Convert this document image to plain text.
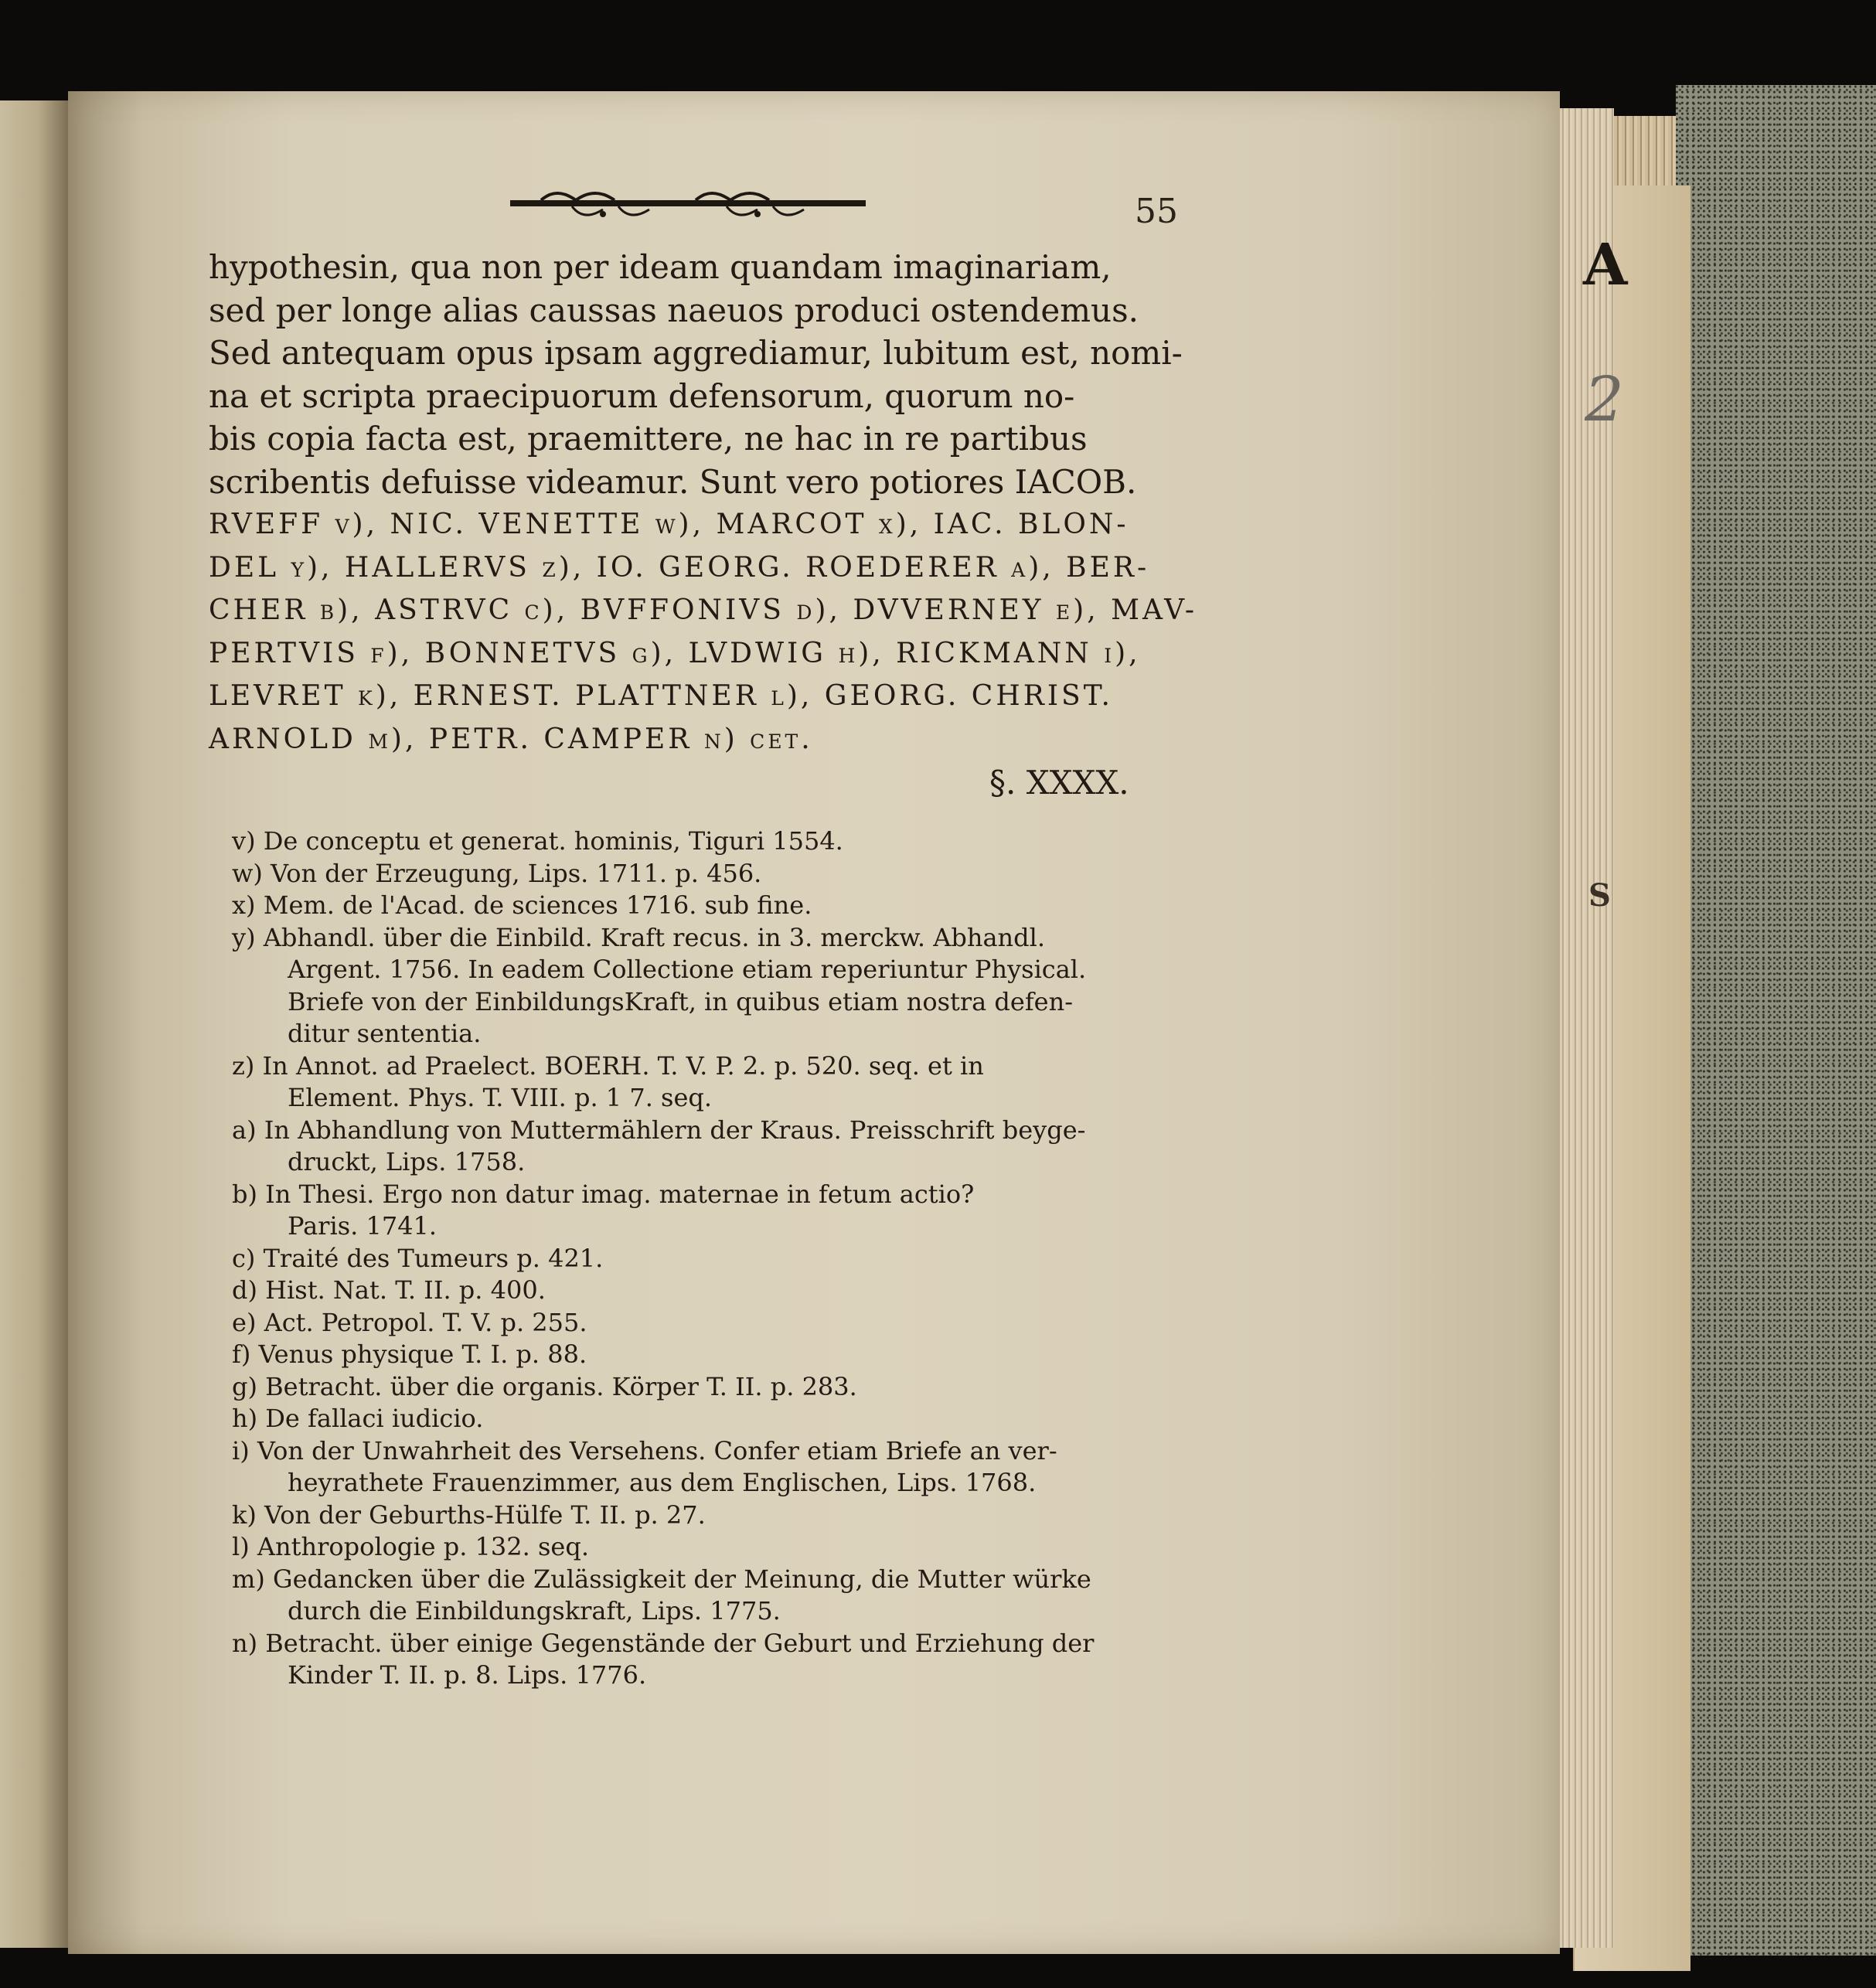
A
2
S
55
hypothesin, qua non per ideam quandam imaginariam,
sed per longe alias caussas naeuos produci ostendemus.
Sed antequam opus ipsam aggrediamur, lubitum est, nomi-
na et scripta praecipuorum defensorum, quorum no-
bis copia facta est, praemittere, ne hac in re partibus
scribentis defuisse videamur. Sunt vero potiores IACOB.
RVEFF v), NIC. VENETTE w), MARCOT x), IAC. BLON-
DEL y), HALLERVS z), IO. GEORG. ROEDERER a), BER-
CHER b), ASTRVC c), BVFFONIVS d), DVVERNEY e), MAV-
PERTVIS f), BONNETVS g), LVDWIG h), RICKMANN i),
LEVRET k), ERNEST. PLATTNER l), GEORG. CHRIST.
ARNOLD m), PETR. CAMPER n) cet.
§. XXXX.
v) De conceptu et generat. hominis, Tiguri 1554.
w) Von der Erzeugung, Lips. 1711. p. 456.
x) Mem. de l'Acad. de sciences 1716. sub fine.
y) Abhandl. über die Einbild. Kraft recus. in 3. merckw. Abhandl.
Argent. 1756. In eadem Collectione etiam reperiuntur Physical.
Briefe von der EinbildungsKraft, in quibus etiam nostra defen-
ditur sententia.
z) In Annot. ad Praelect. BOERH. T. V. P. 2. p. 520. seq. et in
Element. Phys. T. VIII. p. 1 7. seq.
a) In Abhandlung von Muttermählern der Kraus. Preisschrift beyge-
druckt, Lips. 1758.
b) In Thesi. Ergo non datur imag. maternae in fetum actio?
Paris. 1741.
c) Traité des Tumeurs p. 421.
d) Hist. Nat. T. II. p. 400.
e) Act. Petropol. T. V. p. 255.
f) Venus physique T. I. p. 88.
g) Betracht. über die organis. Körper T. II. p. 283.
h) De fallaci iudicio.
i) Von der Unwahrheit des Versehens. Confer etiam Briefe an ver-
heyrathete Frauenzimmer, aus dem Englischen, Lips. 1768.
k) Von der Geburths-Hülfe T. II. p. 27.
l) Anthropologie p. 132. seq.
m) Gedancken über die Zulässigkeit der Meinung, die Mutter würke
durch die Einbildungskraft, Lips. 1775.
n) Betracht. über einige Gegenstände der Geburt und Erziehung der
Kinder T. II. p. 8. Lips. 1776.
